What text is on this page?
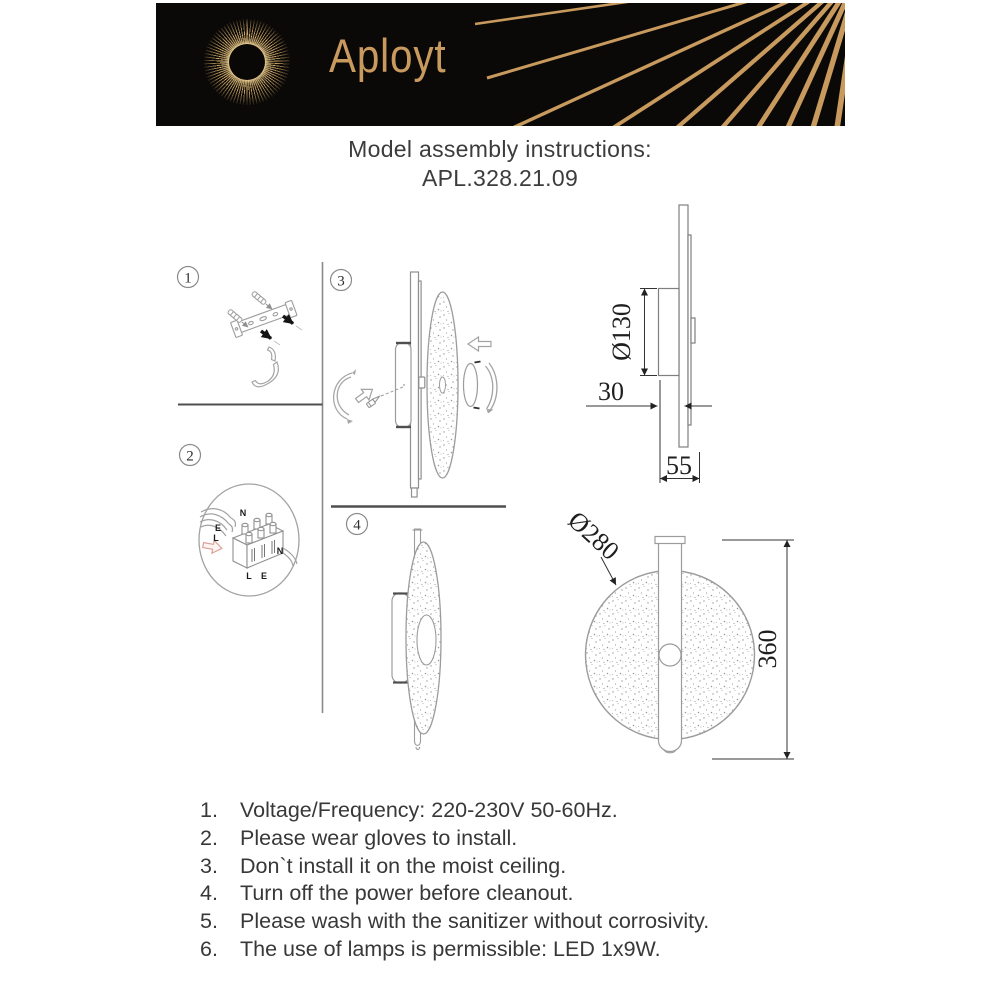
Aployt
Model assembly instructions:
APL.328.21.09
1
2
3
4
N
E
L
N
L E
Ø130
30
55
360
Ø280
1.	Voltage/Frequency: 220-230V 50-60Hz.
2.	Please wear gloves to install.
3.	Don`t install it on the moist ceiling.
4.	Turn off the power before cleanout.
5.	Please wash with the sanitizer without corrosivity.
6.	The use of lamps is permissible: LED 1x9W.
